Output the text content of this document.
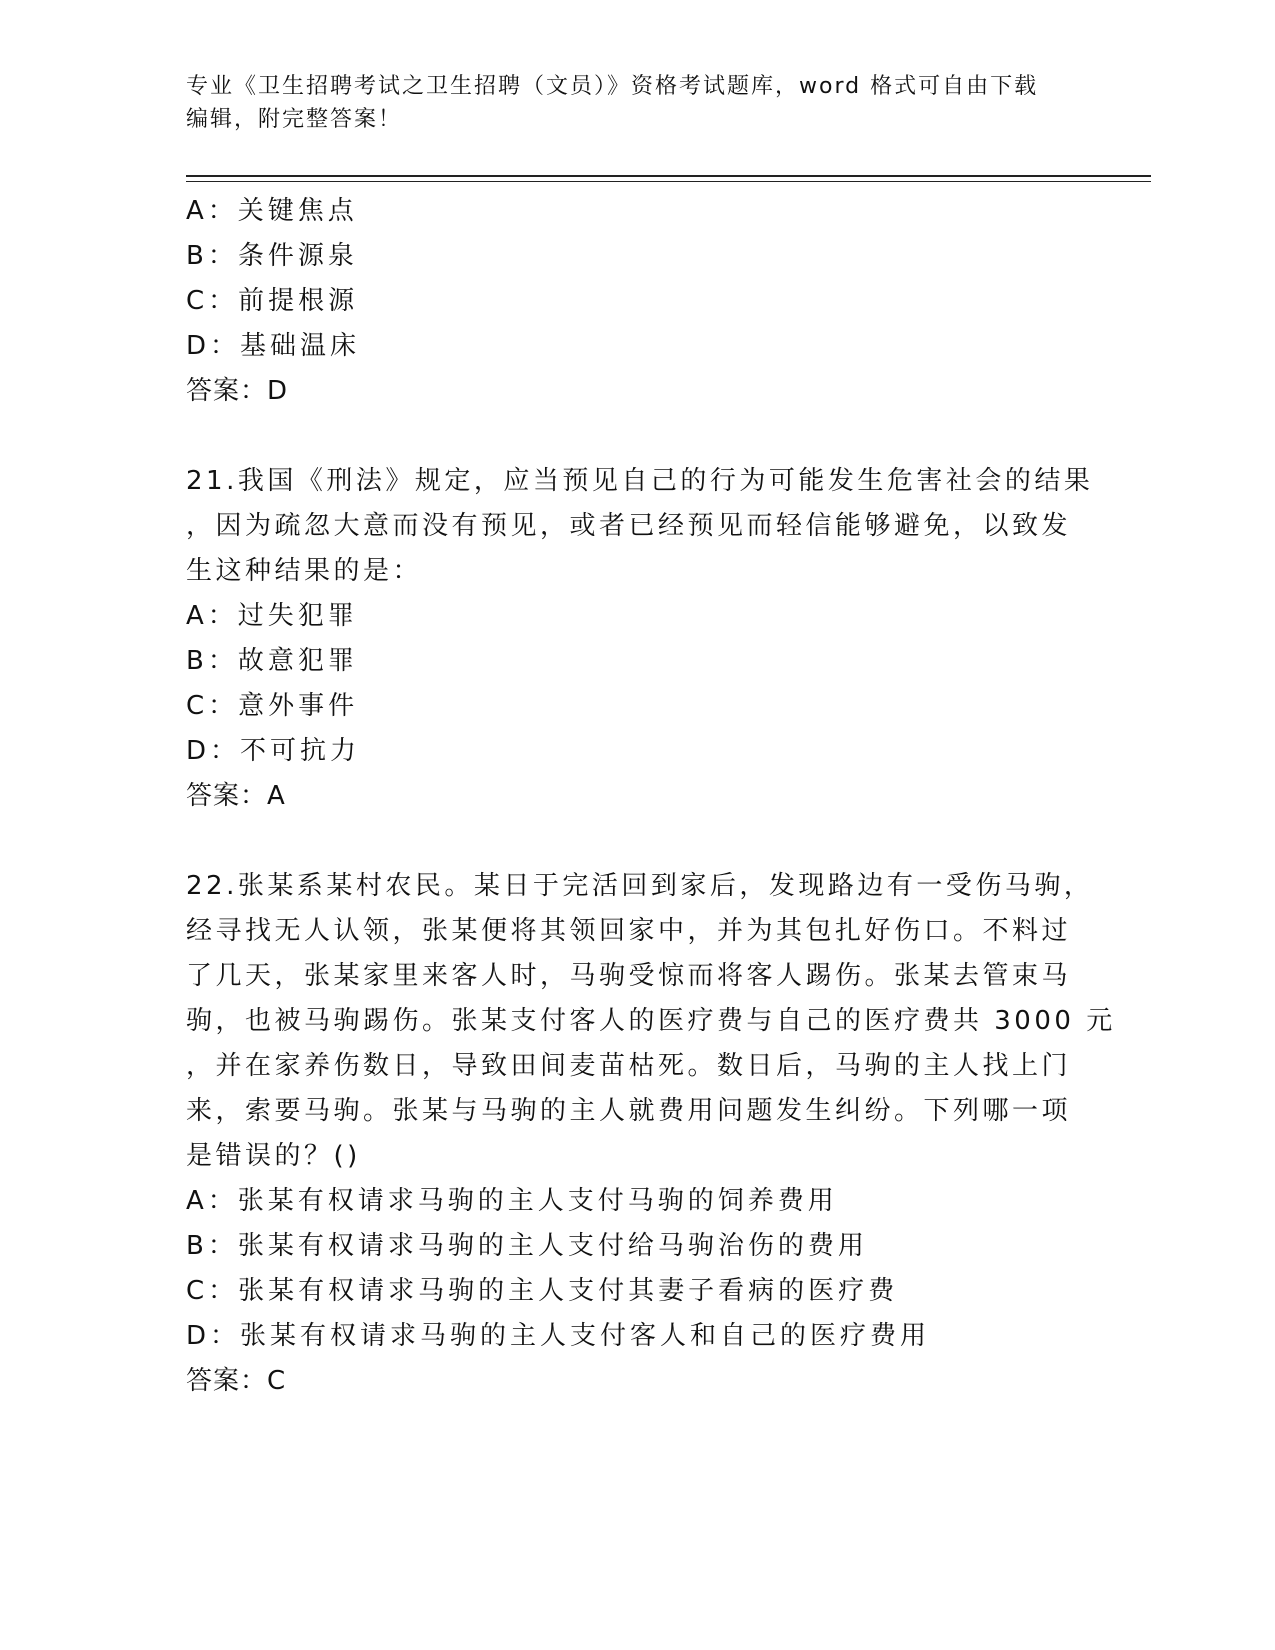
专业《卫生招聘考试之卫生招聘（文员）》资格考试题库，word 格式可自由下载
编辑，附完整答案！
A：关键焦点
B：条件源泉
C：前提根源
D：基础温床
答案：D
21.我国《刑法》规定，应当预见自己的行为可能发生危害社会的结果
，因为疏忽大意而没有预见，或者已经预见而轻信能够避免，以致发
生这种结果的是：
A：过失犯罪
B：故意犯罪
C：意外事件
D：不可抗力
答案：A
22.张某系某村农民。某日于完活回到家后，发现路边有一受伤马驹，
经寻找无人认领，张某便将其领回家中，并为其包扎好伤口。不料过
了几天，张某家里来客人时，马驹受惊而将客人踢伤。张某去管束马
驹，也被马驹踢伤。张某支付客人的医疗费与自己的医疗费共 3000 元
，并在家养伤数日，导致田间麦苗枯死。数日后，马驹的主人找上门
来，索要马驹。张某与马驹的主人就费用问题发生纠纷。下列哪一项
是错误的？()
A：张某有权请求马驹的主人支付马驹的饲养费用
B：张某有权请求马驹的主人支付给马驹治伤的费用
C：张某有权请求马驹的主人支付其妻子看病的医疗费
D：张某有权请求马驹的主人支付客人和自己的医疗费用
答案：C
